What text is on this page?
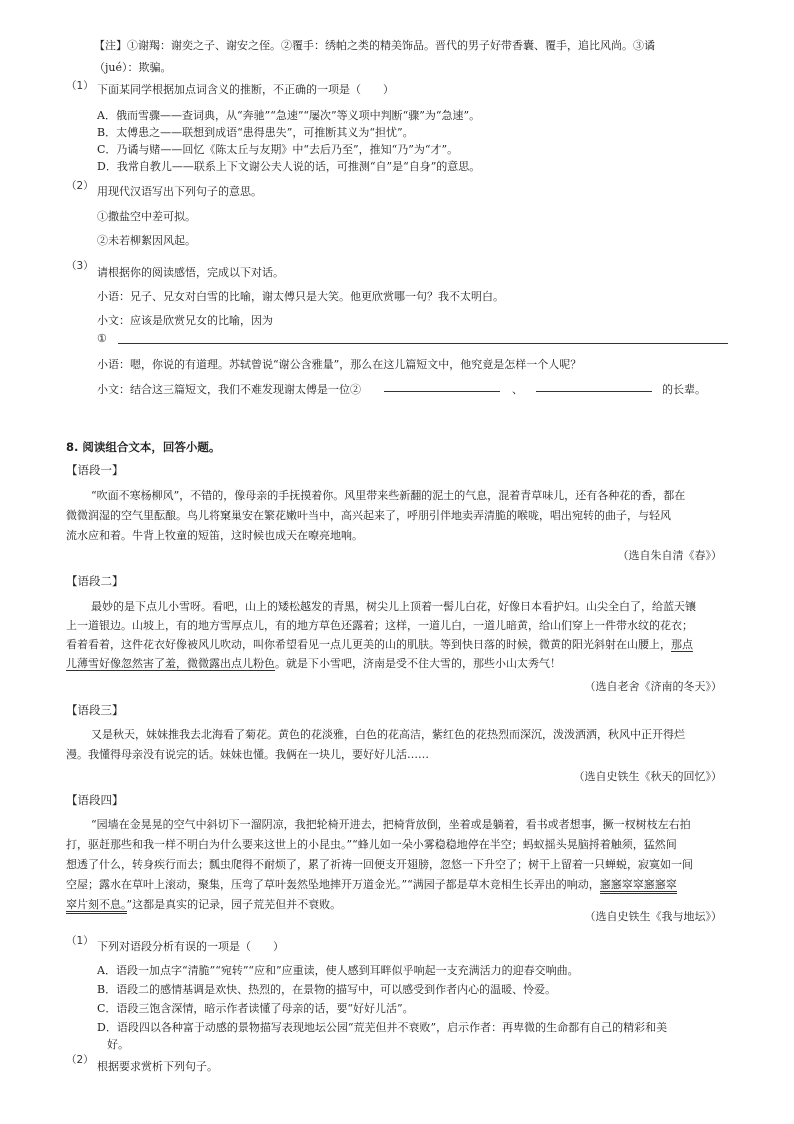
【注】①谢羯：谢奕之子、谢安之侄。②覆手：绣帕之类的精美饰品。晋代的男子好带香囊、覆手，追比风尚。③谲
（jué）：欺骗。
（1） 下面某同学根据加点词含义的推断，不正确的一项是（　　）
A．俄而雪骤——查词典，从“奔驰”“急速”“屡次”等义项中判断“骤”为“急速”。
B．太傅患之——联想到成语“患得患失”，可推断其义为“担忧”。
C．乃谲与赌——回忆《陈太丘与友期》中“去后乃至”，推知“乃”为“才”。
D．我常自教儿——联系上下文谢公夫人说的话，可推测“自”是“自身”的意思。
（2） 用现代汉语写出下列句子的意思。
①撒盐空中差可拟。
②未若柳絮因风起。
（3） 请根据你的阅读感悟，完成以下对话。
小语：兄子、兄女对白雪的比喻，谢太傅只是大笑。他更欣赏哪一句？我不太明白。
小文：应该是欣赏兄女的比喻，因为
①
小语：嗯，你说的有道理。苏轼曾说“谢公含雅量”，那么在这儿篇短文中，他究竟是怎样一个人呢？
小文：结合这三篇短文，我们不难发现谢太傅是一位②	、	的长辈。
8. 阅读组合文本，回答小题。
【语段一】
“吹面不寒杨柳风”，不错的，像母亲的手抚摸着你。风里带来些新翻的泥土的气息，混着青草味儿，还有各种花的香，都在
微微润湿的空气里酝酿。鸟儿将窠巢安在繁花嫩叶当中，高兴起来了，呼朋引伴地卖弄清脆的喉咙，唱出宛转的曲子，与轻风
流水应和着。牛背上牧童的短笛，这时候也成天在嘹亮地响。
（选自朱自清《春》）
【语段二】
最妙的是下点儿小雪呀。看吧，山上的矮松越发的青黑，树尖儿上顶着一髻儿白花，好像日本看护妇。山尖全白了，给蓝天镶
上一道银边。山坡上，有的地方雪厚点儿，有的地方草色还露着；这样，一道儿白，一道儿暗黄，给山们穿上一件带水纹的花衣；
看着看着，这件花衣好像被风儿吹动，叫你希望看见一点儿更美的山的肌肤。等到快日落的时候，微黄的阳光斜射在山腰上，那点
儿薄雪好像忽然害了羞，微微露出点儿粉色。就是下小雪吧，济南是受不住大雪的，那些小山太秀气！
（选自老舍《济南的冬天》）
【语段三】
又是秋天，妹妹推我去北海看了菊花。黄色的花淡雅，白色的花高洁，紫红色的花热烈而深沉，泼泼洒洒，秋风中正开得烂
漫。我懂得母亲没有说完的话。妹妹也懂。我俩在一块儿，要好好儿活……
（选自史铁生《秋天的回忆》）
【语段四】
“园墙在金晃晃的空气中斜切下一溜阴凉，我把轮椅开进去，把椅背放倒，坐着或是躺着，看书或者想事，撅一杈树枝左右拍
打，驱赶那些和我一样不明白为什么要来这世上的小昆虫。”“蜂儿如一朵小雾稳稳地停在半空；蚂蚁摇头晃脑捋着触须，猛然间
想透了什么，转身疾行而去；瓢虫爬得不耐烦了，累了祈祷一回便支开翅膀，忽悠一下升空了；树干上留着一只蝉蜕，寂寞如一间
空屋；露水在草叶上滚动，聚集，压弯了草叶轰然坠地摔开万道金光。”“满园子都是草木竞相生长弄出的响动，窸窸窣窣窸窸窣
窣片刻不息。”这都是真实的记录，园子荒芜但并不衰败。
（选自史铁生《我与地坛》）
（1） 下列对语段分析有误的一项是（　　）
A．语段一加点字“清脆”“宛转”“应和”应重读，使人感到耳畔似乎响起一支充满活力的迎春交响曲。
B．语段二的感情基调是欢快、热烈的，在景物的描写中，可以感受到作者内心的温暖、怜爱。
C．语段三饱含深情，暗示作者读懂了母亲的话，要“好好儿活”。
D．语段四以各种富于动感的景物描写表现地坛公园“荒芜但并不衰败”，启示作者：再卑微的生命都有自己的精彩和美
好。
（2） 根据要求赏析下列句子。
